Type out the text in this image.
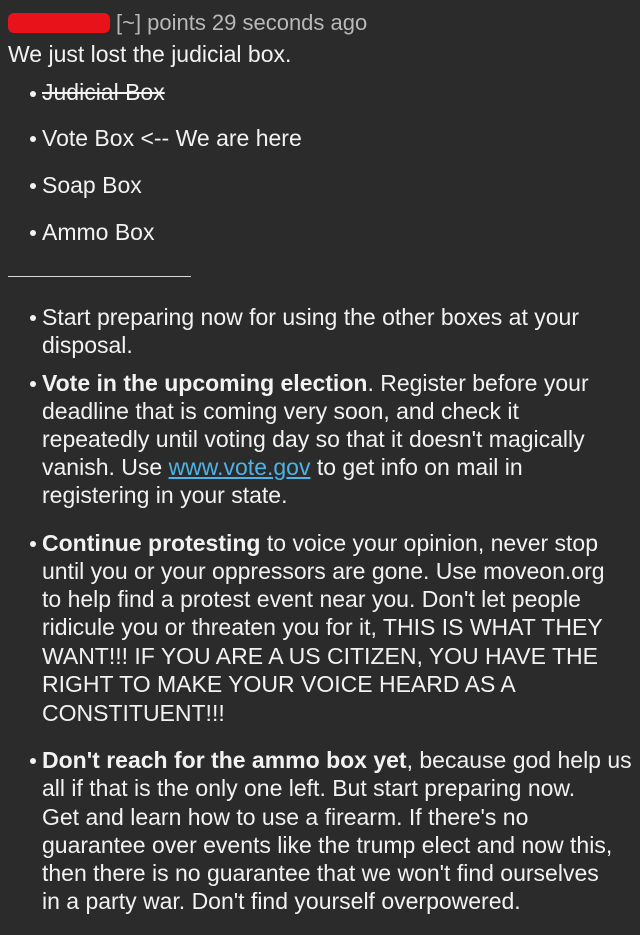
[~] points 29 seconds ago
We just lost the judicial box.
Judicial Box
Vote Box <-- We are here
Soap Box
Ammo Box
Start preparing now for using the other boxes at your
disposal.
Vote in the upcoming election. Register before your
deadline that is coming very soon, and check it
repeatedly until voting day so that it doesn't magically
vanish. Use www.vote.gov to get info on mail in
registering in your state.
Continue protesting to voice your opinion, never stop
until you or your oppressors are gone. Use moveon.org
to help find a protest event near you. Don't let people
ridicule you or threaten you for it, THIS IS WHAT THEY
WANT!!! IF YOU ARE A US CITIZEN, YOU HAVE THE
RIGHT TO MAKE YOUR VOICE HEARD AS A
CONSTITUENT!!!
Don't reach for the ammo box yet, because god help us
all if that is the only one left. But start preparing now.
Get and learn how to use a firearm. If there's no
guarantee over events like the trump elect and now this,
then there is no guarantee that we won't find ourselves
in a party war. Don't find yourself overpowered.
